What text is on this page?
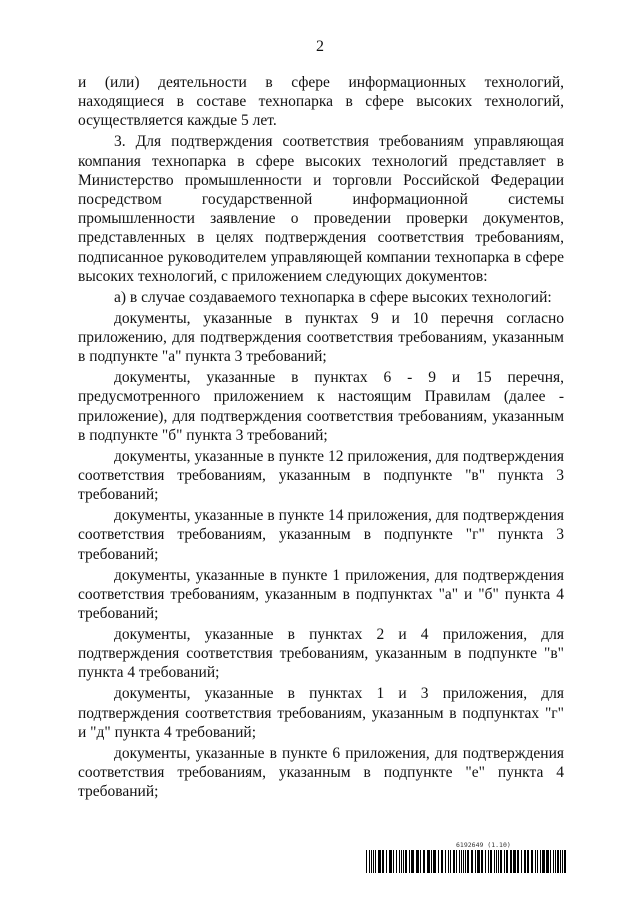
2

и (или) деятельности в сфере информационных технологий, находящиеся в составе технопарка в сфере высоких технологий, осуществляется каждые 5 лет.

3. Для подтверждения соответствия требованиям управляющая компания технопарка в сфере высоких технологий представляет в Министерство промышленности и торговли Российской Федерации посредством государственной информационной системы промышленности заявление о проведении проверки документов, представленных в целях подтверждения соответствия требованиям, подписанное руководителем управляющей компании технопарка в сфере высоких технологий, с приложением следующих документов:

а) в случае создаваемого технопарка в сфере высоких технологий:

документы, указанные в пунктах 9 и 10 перечня согласно приложению, для подтверждения соответствия требованиям, указанным в подпункте "а" пункта 3 требований;

документы, указанные в пунктах 6 - 9 и 15 перечня, предусмотренного приложением к настоящим Правилам (далее - приложение), для подтверждения соответствия требованиям, указанным в подпункте "б" пункта 3 требований;

документы, указанные в пункте 12 приложения, для подтверждения соответствия требованиям, указанным в подпункте "в" пункта 3 требований;

документы, указанные в пункте 14 приложения, для подтверждения соответствия требованиям, указанным в подпункте "г" пункта 3 требований;

документы, указанные в пункте 1 приложения, для подтверждения соответствия требованиям, указанным в подпунктах "а" и "б" пункта 4 требований;

документы, указанные в пунктах 2 и 4 приложения, для подтверждения соответствия требованиям, указанным в подпункте "в" пункта 4 требований;

документы, указанные в пунктах 1 и 3 приложения, для подтверждения соответствия требованиям, указанным в подпунктах "г" и "д" пункта 4 требований;

документы, указанные в пункте 6 приложения, для подтверждения соответствия требованиям, указанным в подпункте "е" пункта 4 требований;

6192649 (1.10)
